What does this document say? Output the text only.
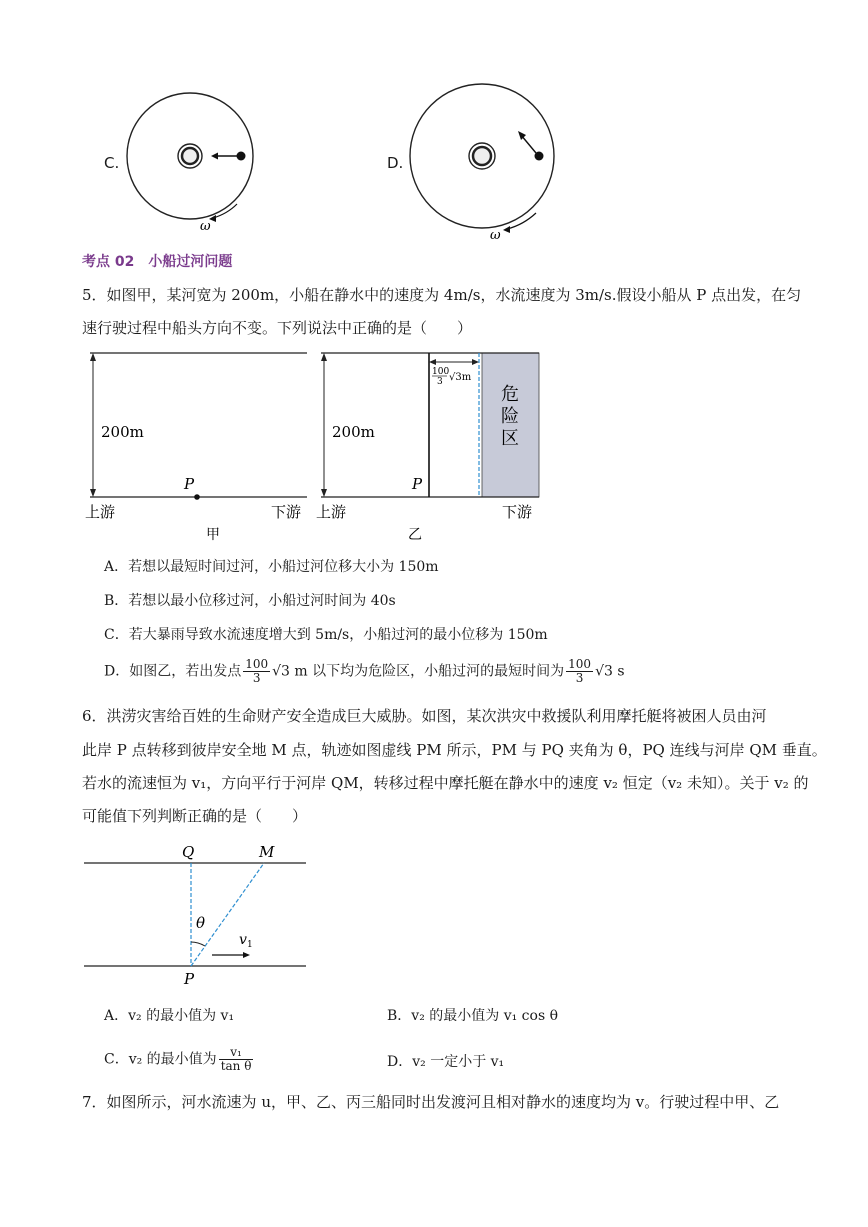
C.
ω
D.
ω
考点 02　小船过河问题
5．如图甲，某河宽为 200m，小船在静水中的速度为 4m/s，水流速度为 3m/s.假设小船从 P 点出发，在匀
速行驶过程中船头方向不变。下列说法中正确的是（　　）
200m
P
上游	下游
甲
200m
100
3 √3m
危
险
区
P
上游	下游
乙
A．若想以最短时间过河，小船过河位移大小为 150m
B．若想以最小位移过河，小船过河时间为 40s
C．若大暴雨导致水流速度增大到 5m/s，小船过河的最小位移为 150m
D．如图乙，若出发点 $\frac{100}{3} √3$ m 以下均为危险区，小船过河的最短时间为 $\frac{100}{3} √3$ s
6．洪涝灾害给百姓的生命财产安全造成巨大威胁。如图，某次洪灾中救援队利用摩托艇将被困人员由河
此岸 P 点转移到彼岸安全地 M 点，轨迹如图虚线 PM 所示，PM 与 PQ 夹角为 θ，PQ 连线与河岸 QM 垂直。
若水的流速恒为 v₁，方向平行于河岸 QM，转移过程中摩托艇在静水中的速度 v₂ 恒定（v₂ 未知）。关于 v₂ 的
可能值下列判断正确的是（　　）
Q	M
P
θ
v 1
A．v₂ 的最小值为 v₁	B．v₂ 的最小值为 v₁ cos θ
C．v₂ 的最小值为 $\frac{\text{v₁}}{\text{tan θ}}$	D．v₂ 一定小于 v₁
7．如图所示，河水流速为 u，甲、乙、丙三船同时出发渡河且相对静水的速度均为 v。行驶过程中甲、乙
